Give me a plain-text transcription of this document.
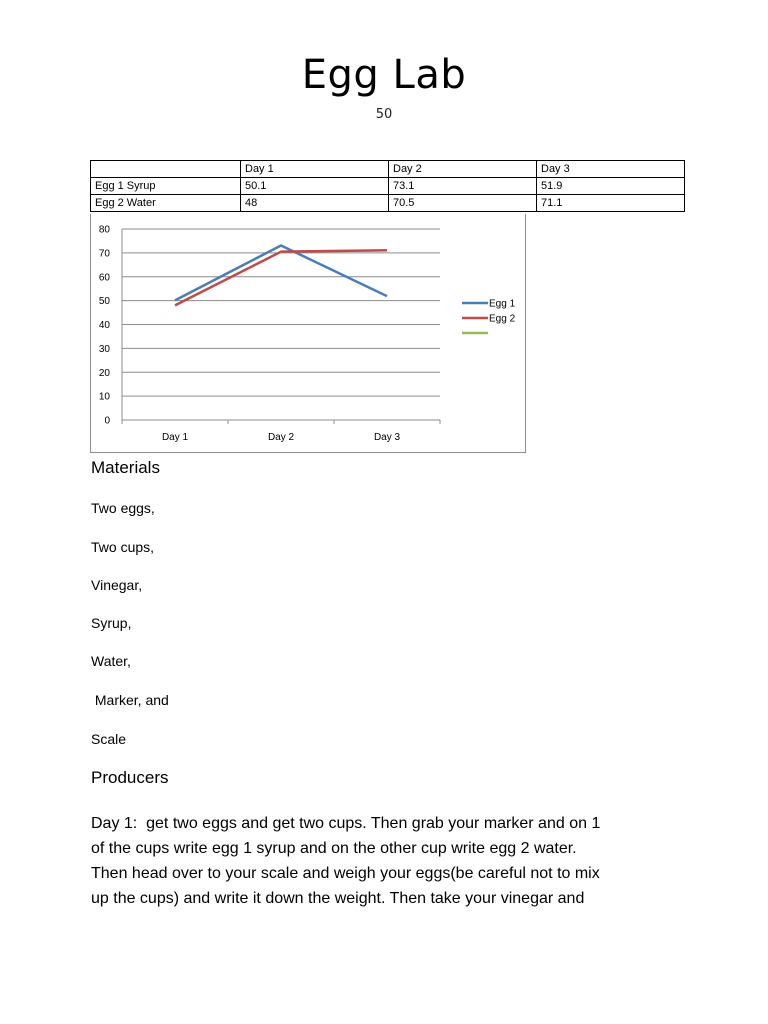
Egg Lab
50
	Day 1	Day 2	Day 3
Egg 1 Syrup	50.1	73.1	51.9
Egg 2 Water	48	70.5	71.1
0
10
20
30
40
50
60
70
80
Day 1	Day 2	Day 3
Egg 1
Egg 2
Materials
Two eggs,
Two cups,
Vinegar,
Syrup,
Water,
Marker, and
Scale
Producers
Day 1:  get two eggs and get two cups. Then grab your marker and on 1
of the cups write egg 1 syrup and on the other cup write egg 2 water.
Then head over to your scale and weigh your eggs(be careful not to mix
up the cups) and write it down the weight. Then take your vinegar and
